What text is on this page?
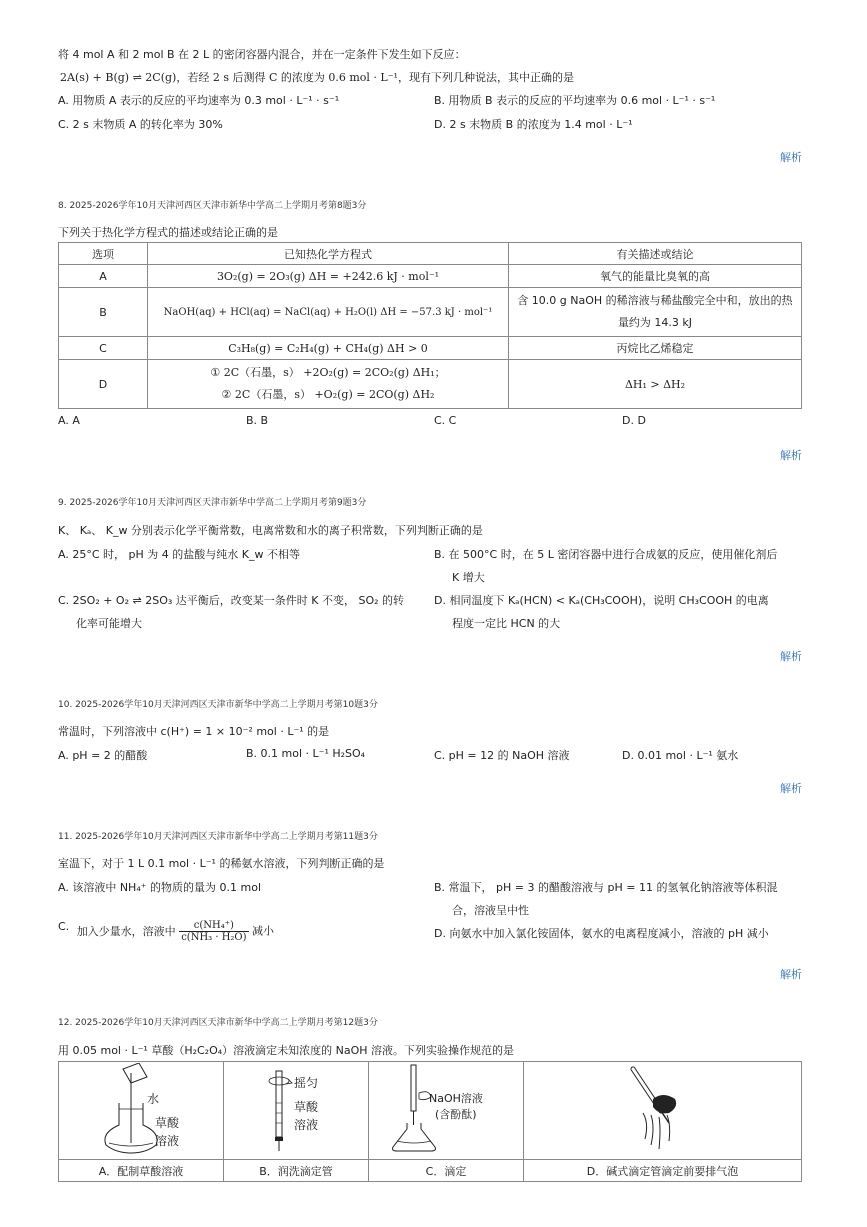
将 4 mol A 和 2 mol B 在 2 L 的密闭容器内混合，并在一定条件下发生如下反应：
2A(s) + B(g) ⇌ 2C(g)，若经 2 s 后测得 C 的浓度为 0.6 mol · L⁻¹，现有下列几种说法，其中正确的是
A. 用物质 A 表示的反应的平均速率为 0.3 mol · L⁻¹ · s⁻¹	B. 用物质 B 表示的反应的平均速率为 0.6 mol · L⁻¹ · s⁻¹
C. 2 s 末物质 A 的转化率为 30%	D. 2 s 末物质 B 的浓度为 1.4 mol · L⁻¹
解析
8. 2025-2026学年10月天津河西区天津市新华中学高二上学期月考第8题3分
下列关于热化学方程式的描述或结论正确的是
选项	已知热化学方程式	有关描述或结论
A	3O₂(g) = 2O₃(g) ΔH = +242.6 kJ · mol⁻¹	氧气的能量比臭氧的高
B	NaOH(aq) + HCl(aq) = NaCl(aq) + H₂O(l) ΔH = −57.3 kJ · mol⁻¹	含 10.0 g NaOH 的稀溶液与稀盐酸完全中和，放出的热量约为 14.3 kJ
C	C₃H₈(g) = C₂H₄(g) + CH₄(g) ΔH > 0	丙烷比乙烯稳定
D	① 2C（石墨，s） +2O₂(g) = 2CO₂(g) ΔH₁；
② 2C（石墨，s） +O₂(g) = 2CO(g) ΔH₂	ΔH₁ > ΔH₂
A. A	B. B	C. C	D. D
解析
9. 2025-2026学年10月天津河西区天津市新华中学高二上学期月考第9题3分
K、 Kₐ、 K_w 分别表示化学平衡常数，电离常数和水的离子积常数，下列判断正确的是
A. 25°C 时， pH 为 4 的盐酸与纯水 K_w 不相等	B. 在 500°C 时，在 5 L 密闭容器中进行合成氨的反应，使用催化剂后
K 增大
C. 2SO₂ + O₂ ⇌ 2SO₃ 达平衡后，改变某一条件时 K 不变， SO₂ 的转
化率可能增大
D. 相同温度下 Kₐ(HCN) < Kₐ(CH₃COOH)，说明 CH₃COOH 的电离
程度一定比 HCN 的大
解析
10. 2025-2026学年10月天津河西区天津市新华中学高二上学期月考第10题3分
常温时，下列溶液中 c(H⁺) = 1 × 10⁻² mol · L⁻¹ 的是
A. pH = 2 的醋酸	B. 0.1 mol · L⁻¹ H₂SO₄	C. pH = 12 的 NaOH 溶液	D. 0.01 mol · L⁻¹ 氨水
解析
11. 2025-2026学年10月天津河西区天津市新华中学高二上学期月考第11题3分
室温下，对于 1 L 0.1 mol · L⁻¹ 的稀氨水溶液，下列判断正确的是
A. 该溶液中 NH₄⁺ 的物质的量为 0.1 mol	B. 常温下， pH = 3 的醋酸溶液与 pH = 11 的氢氧化钠溶液等体积混
合，溶液呈中性
C. 加入少量水，溶液中 $\frac{\text{c(NH₄⁺)}}{\text{c(NH₃ · H₂O)}}$ 减小	D. 向氨水中加入氯化铵固体，氨水的电离程度减小，溶液的 pH 减小
解析
12. 2025-2026学年10月天津河西区天津市新华中学高二上学期月考第12题3分
用 0.05 mol · L⁻¹ 草酸（H₂C₂O₄）溶液滴定未知浓度的 NaOH 溶液。下列实验操作规范的是
水
草酸
溶液	摇匀
草酸
溶液	NaOH溶液
(含酚酞)

A．配制草酸溶液	B．润洗滴定管	C．滴定	D．碱式滴定管滴定前要排气泡
